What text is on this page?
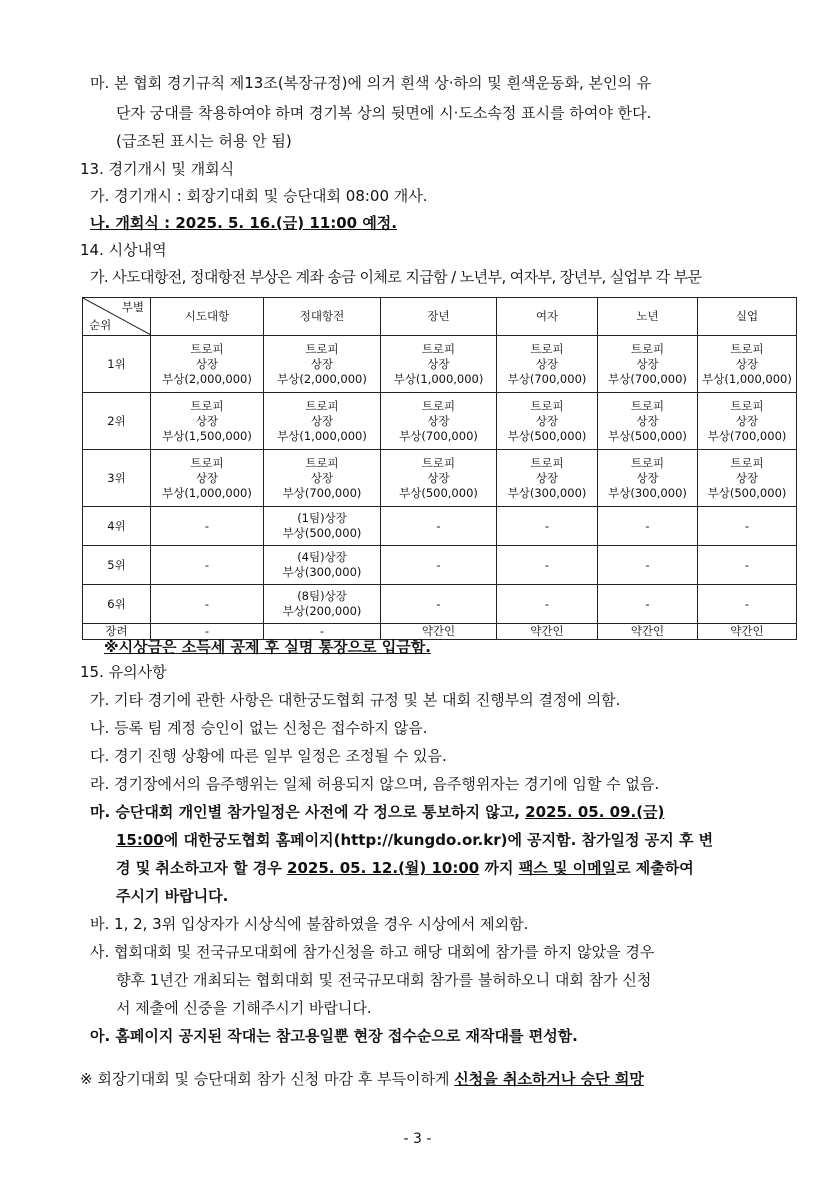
마. 본 협회 경기규칙 제13조(복장규정)에 의거 흰색 상·하의 및 흰색운동화, 본인의 유
단자 궁대를 착용하여야 하며 경기복 상의 뒷면에 시·도소속정 표시를 하여야 한다.
(급조된 표시는 허용 안 됨)
13. 경기개시 및 개회식
가. 경기개시 : 회장기대회 및 승단대회 08:00 개사.
나. 개회식 : 2025. 5. 16.(금) 11:00 예정.
14. 시상내역
가. 사도대항전, 정대항전 부상은 계좌 송금 이체로 지급함 / 노년부, 여자부, 장년부, 실업부 각 부문
부별
순위	시도대항	정대항전	장년	여자	노년	실업
1위	트로피
상장
부상(2,000,000)	트로피
상장
부상(2,000,000)	트로피
상장
부상(1,000,000)	트로피
상장
부상(700,000)	트로피
상장
부상(700,000)	트로피
상장
부상(1,000,000)

2위	트로피
상장
부상(1,500,000)	트로피
상장
부상(1,000,000)	트로피
상장
부상(700,000)	트로피
상장
부상(500,000)	트로피
상장
부상(500,000)	트로피
상장
부상(700,000)

3위	트로피
상장
부상(1,000,000)	트로피
상장
부상(700,000)	트로피
상장
부상(500,000)	트로피
상장
부상(300,000)	트로피
상장
부상(300,000)	트로피
상장
부상(500,000)

4위	-	(1팀)상장
부상(500,000)	-	-	-	-

5위	-	(4팀)상장
부상(300,000)	-	-	-	-

6위	-	(8팀)상장
부상(200,000)	-	-	-	-

장려	-	-	약간인	약간인	약간인	약간인
※시상금은 소득세 공제 후 실명 통장으로 입금함.
15. 유의사항
가. 기타 경기에 관한 사항은 대한궁도협회 규정 및 본 대회 진행부의 결정에 의함.
나. 등록 팀 계정 승인이 없는 신청은 접수하지 않음.
다. 경기 진행 상황에 따른 일부 일정은 조정될 수 있음.
라. 경기장에서의 음주행위는 일체 허용되지 않으며, 음주행위자는 경기에 임할 수 없음.
마. 승단대회 개인별 참가일정은 사전에 각 정으로 통보하지 않고, 2025. 05. 09.(금)
15:00에 대한궁도협회 홈페이지(http://kungdo.or.kr)에 공지함. 참가일정 공지 후 변
경 및 취소하고자 할 경우 2025. 05. 12.(월) 10:00 까지 팩스 및 이메일로 제출하여
주시기 바랍니다.
바. 1, 2, 3위 입상자가 시상식에 불참하였을 경우 시상에서 제외함.
사. 협회대회 및 전국규모대회에 참가신청을 하고 해당 대회에 참가를 하지 않았을 경우
향후 1년간 개최되는 협회대회 및 전국규모대회 참가를 불허하오니 대회 참가 신청
서 제출에 신중을 기해주시기 바랍니다.
아. 홈페이지 공지된 작대는 참고용일뿐 현장 접수순으로 재작대를 편성함.
※ 회장기대회 및 승단대회 참가 신청 마감 후 부득이하게 신청을 취소하거나 승단 희망
- 3 -
